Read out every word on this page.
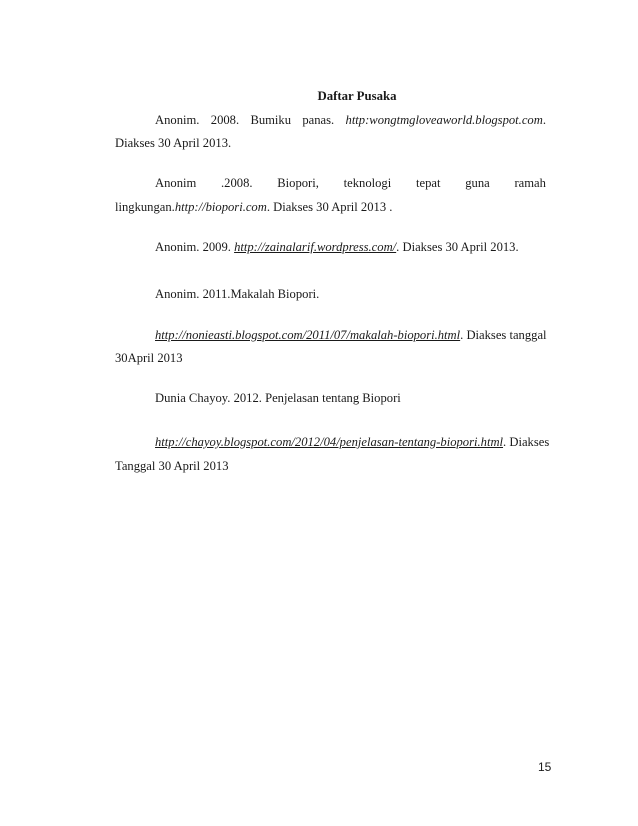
Daftar Pusaka
Anonim. 2008. Bumiku panas. http:wongtmgloveaworld.blogspot.com.
Diakses 30 April 2013.
Anonim .2008. Biopori, teknologi tepat guna ramah
lingkungan.http://biopori.com. Diakses 30 April 2013 .
Anonim. 2009. http://zainalarif.wordpress.com/. Diakses 30 April 2013.
Anonim. 2011.Makalah Biopori.
http://nonieasti.blogspot.com/2011/07/makalah-biopori.html. Diakses tanggal
30April 2013
Dunia Chayoy. 2012. Penjelasan tentang Biopori
http://chayoy.blogspot.com/2012/04/penjelasan-tentang-biopori.html. Diakses
Tanggal 30 April 2013
15
